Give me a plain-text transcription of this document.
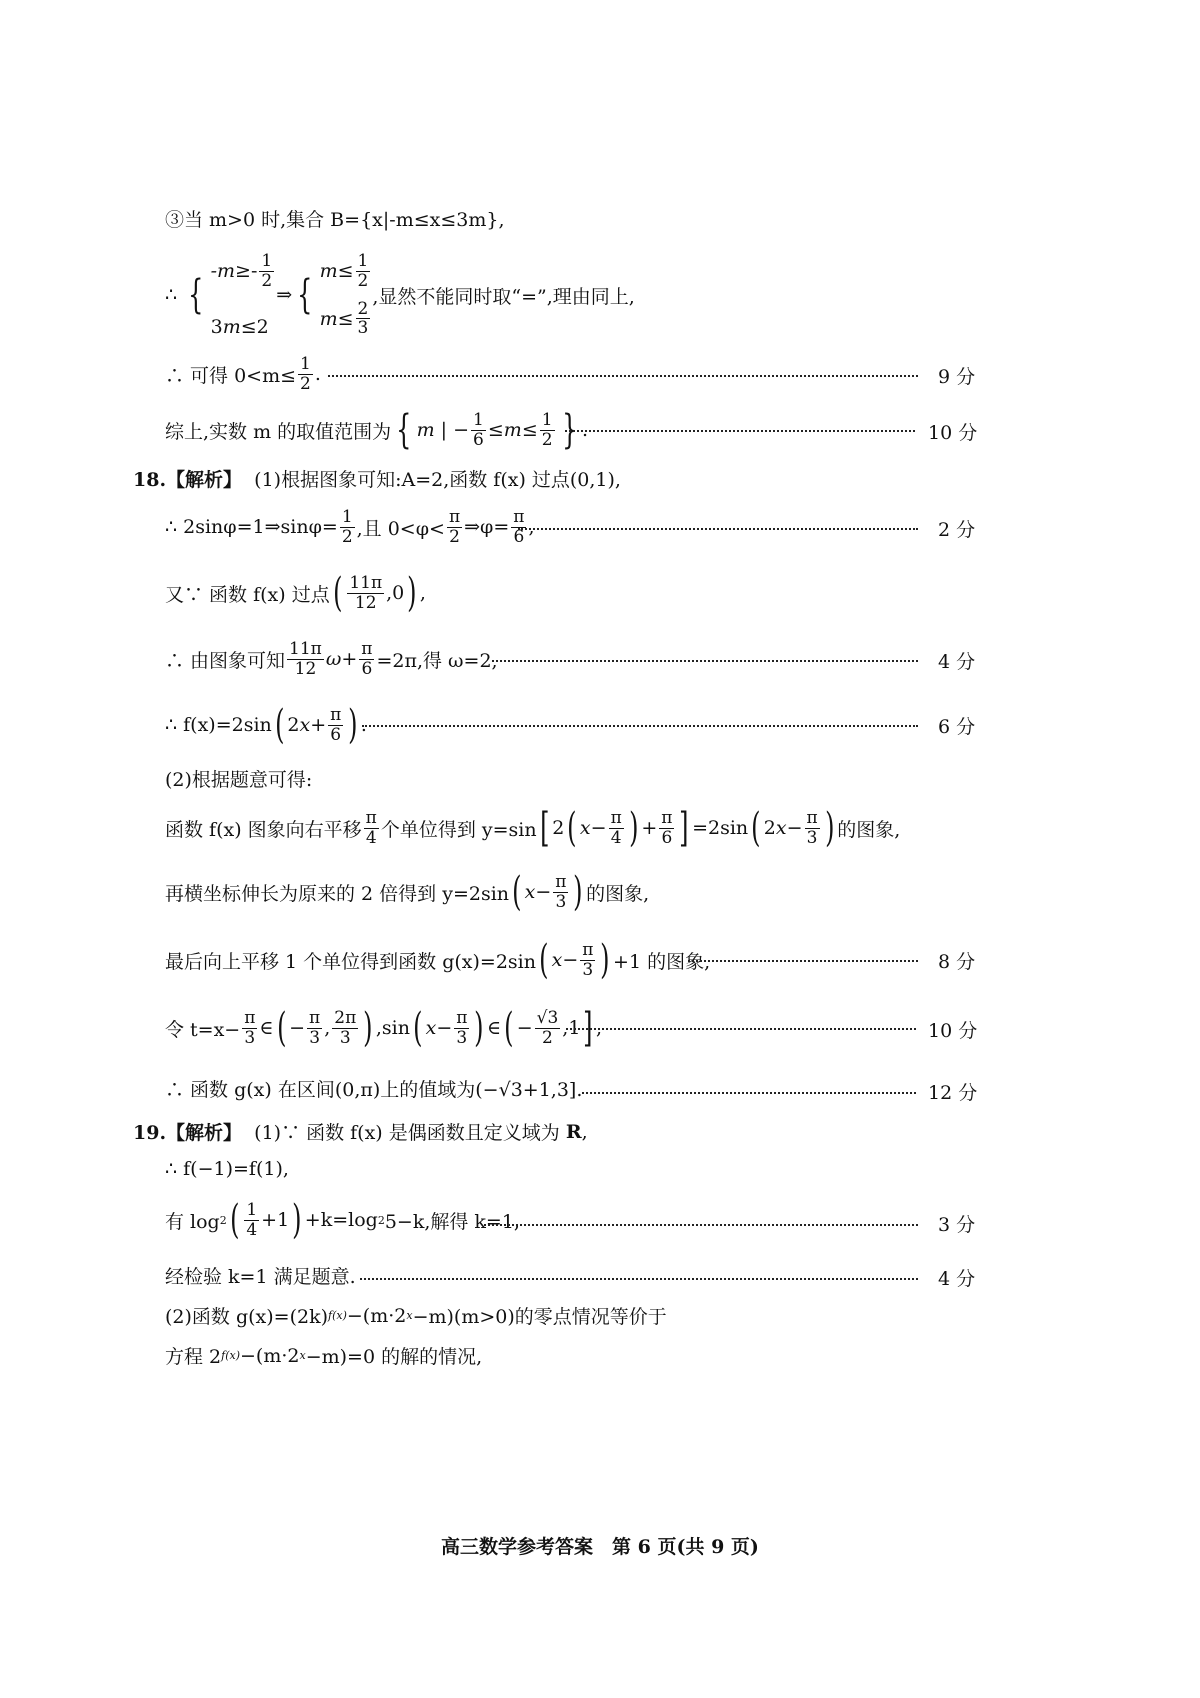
③当 m>0 时,集合 B={x|-m≤x≤3m},
∴ {
$-m \ge- \frac{1}{2}$
3 m ≤2
⇒ {
$m \le \frac{1}{2}$
$m \le \frac{2}{3}$
,显然不能同时取“=”,理由同上,
∴ 可得 $0<m\le \frac{1}{2}$ .	9 分
综上,实数 m 的取值范围为 { m | − $\frac{1}{6} \le m \le \frac{1}{2}$ } .	10 分
18.【解析】
(1)根据图象可知:A=2,函数 f(x) 过点(0,1),
∴ 2sinφ=1⇒sinφ= $\frac{1}{2}$ ,且 $0<\varphi< \frac{\pi}{2}$ ⇒φ= $\frac{\pi}{6}$ ,	2 分
又∵ 函数 f(x) 过点 ( $\frac{11\pi}{12} ,0$ ) ,
∴ 由图象可知 $\frac{11\pi}{12}$ $\omega + \frac{\pi}{6} =2\pi$,得 ω=2,	4 分
∴ f(x)=2sin ( 2 $x + \frac{\pi}{6}$ ) .	6 分
(2)根据题意可得:
函数 f(x) 图象向右平移 $\frac{\pi}{4}$ 个单位得到 y=sin [ 2 ( $x - \frac{\pi}{4}$ ) + $\frac{\pi}{6}$ ] =2sin ( 2 $x - \frac{\pi}{3}$ ) 的图象,
再横坐标伸长为原来的 2 倍得到 y=2sin ( $x - \frac{\pi}{3}$ ) 的图象,
最后向上平移 1 个单位得到函数 g(x)=2sin ( $x - \frac{\pi}{3}$ ) +1 的图象,	8 分
令 $t=x- \frac{\pi}{3}$ ∈ ( − $\frac{\pi}{3}$ , $\frac{2\pi}{3}$ ) ,sin ( $x - \frac{\pi}{3}$ ) ∈ ( − $\frac{√3}{2} ,1$ ] ,	10 分
∴ 函数 g(x) 在区间(0,π)上的值域为(−√3+1,3].	12 分
19.【解析】
(1)∵ 函数 f(x) 是偶函数且定义域为
R ,
∴ f(−1)=f(1),
有 log 2 ( $\frac{1}{4} +1$ ) +k=log 2 5−k,解得 k=1,	3 分
经检验 k=1 满足题意.	4 分
(2)函数 g(x)=(2k) f(x) −(m·2 x −m)(m>0)的零点情况等价于
方程 2 f(x) −(m·2 x −m)=0 的解的情况,
高三数学参考答案　第 6 页(共 9 页)
